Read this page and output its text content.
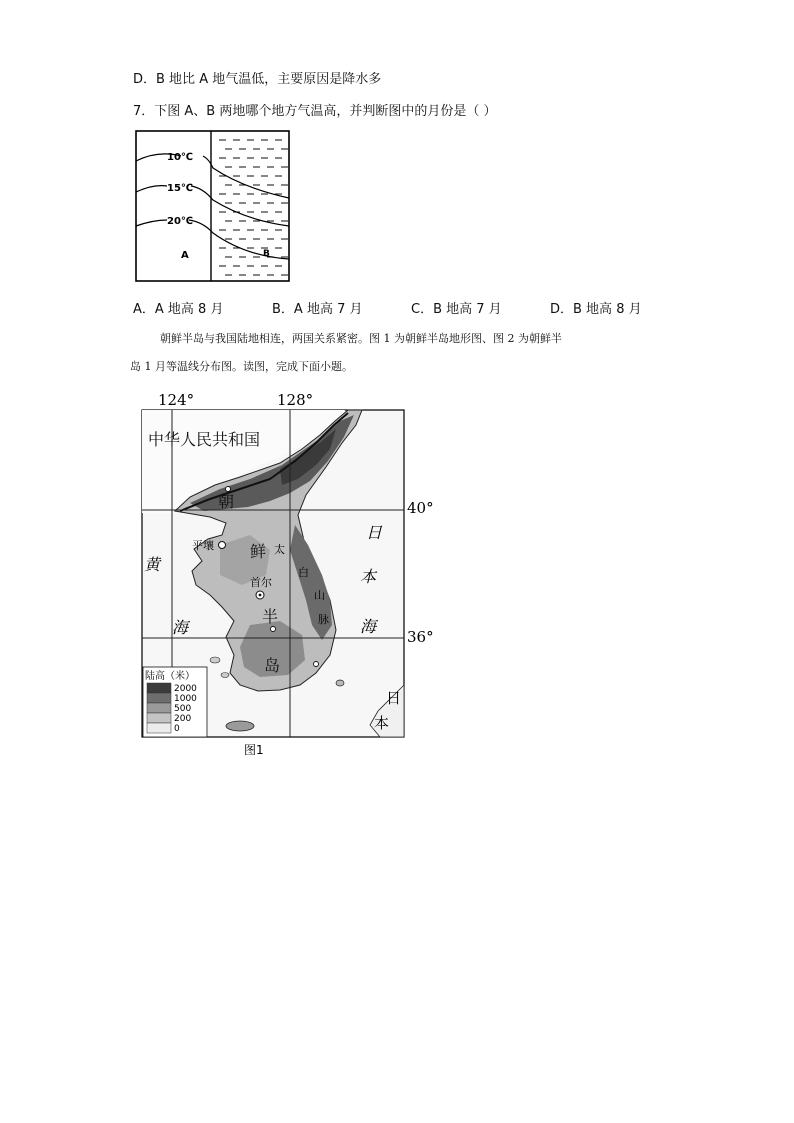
D．B 地比 A 地气温低，主要原因是降水多
7．下图 A、B 两地哪个地方气温高，并判断图中的月份是（ ）
10℃
15℃
20℃
A	B
A．A 地高 8 月	B．A 地高 7 月	C．B 地高 7 月	D．B 地高 8 月
朝鲜半岛与我国陆地相连，两国关系紧密。图 1 为朝鲜半岛地形图、图 2 为朝鲜半
岛 1 月等温线分布图。读图，完成下面小题。
124°	128°
40°
36°
中华人民共和国
朝
鲜
半
岛
太
白
山
脉
黄
海
日
本
海
日
本
平壤
首尔
陆高（米）
2000
1000
500
200
0
图1
